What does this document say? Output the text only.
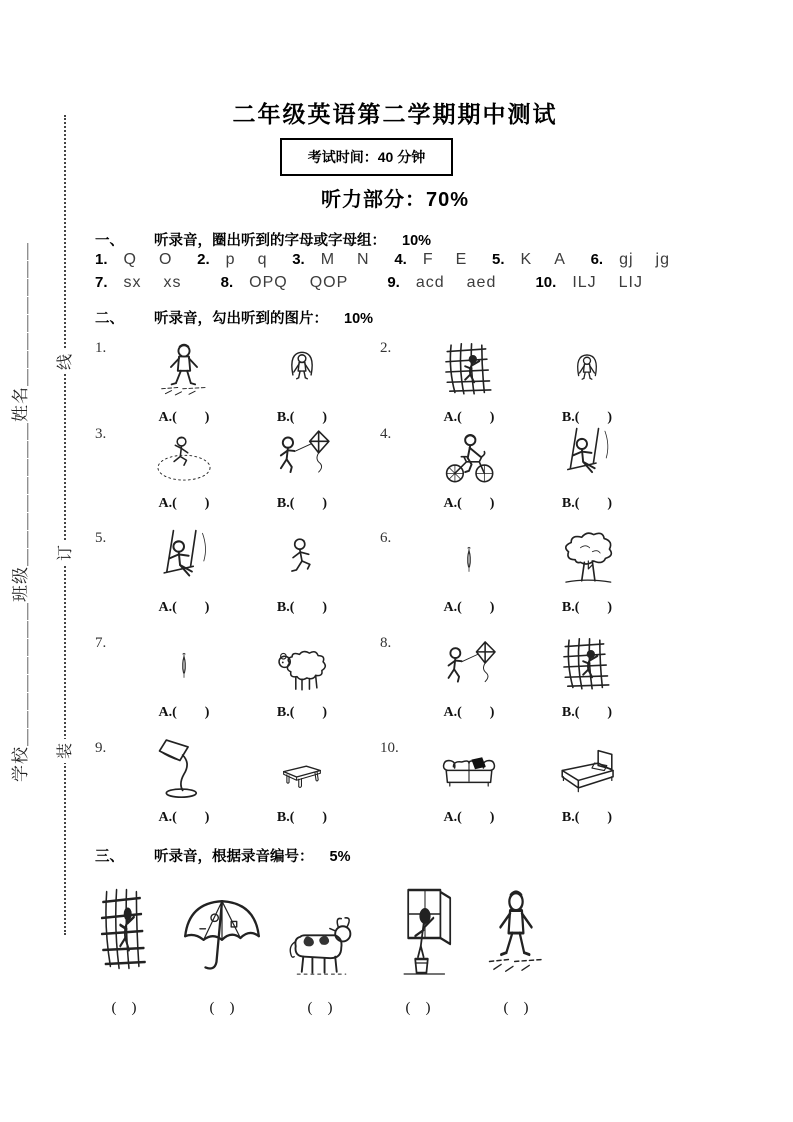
学校＿＿＿＿＿＿＿＿班级＿＿＿＿＿＿＿＿姓名＿＿＿＿＿＿＿＿	线
订
装
二年级英语第二学期期中测试
考试时间：40 分钟
听力部分：70%
一、 听录音，圈出听到的字母或字母组： 10%
1. Q O 2. p q 3. M N 4. F E 5. K A 6. gj jg
7. sx xs	8. OPQ QOP	9. acd aed	10. ILJ LIJ
二、 听录音，勾出听到的图片： 10%
1.
A.(　　)	B.(　　)
2.
A.(　　)	B.(　　)
3.
A.(　　)	B.(　　)
4.
A.(　　)	B.(　　)
5.
A.(　　)	B.(　　)
6.
A.(　　)	B.(　　)
7.
A.(　　)	B.(　　)
8.
A.(　　)	B.(　　)
9.
A.(　　)	B.(　　)
10.
A.(　　)	B.(　　)
三、 听录音，根据录音编号： 5%
(　)	(　)	(　)	(　)	(　)
